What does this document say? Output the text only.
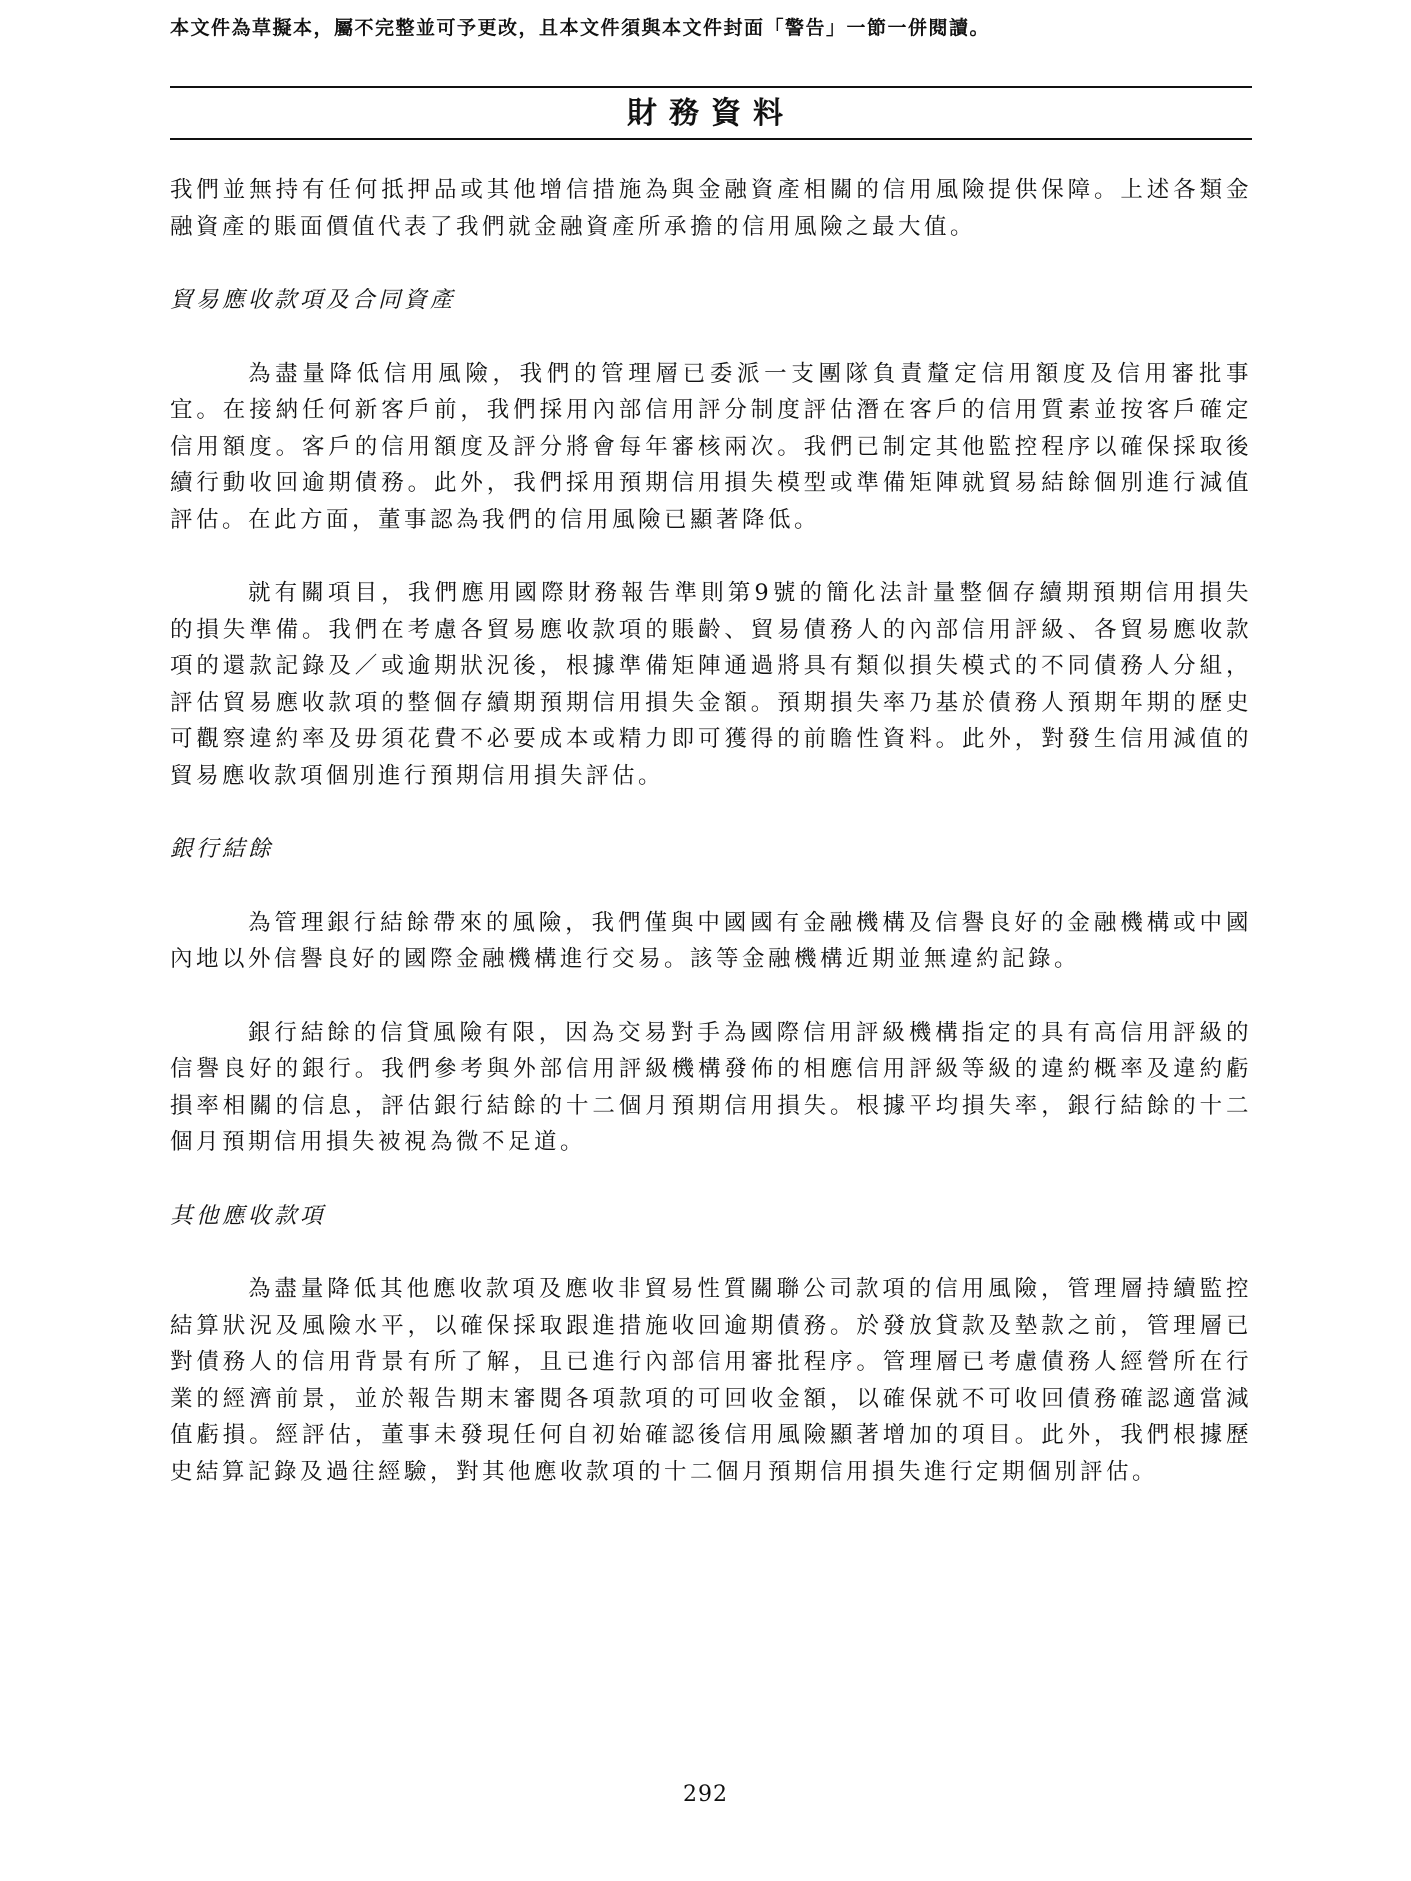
本文件為草擬本，屬不完整並可予更改，且本文件須與本文件封面「警告」一節一併閱讀。
財務資料

我們並無持有任何抵押品或其他增信措施為與金融資產相關的信用風險提供保障。上述各類金融資產的賬面價值代表了我們就金融資產所承擔的信用風險之最大值。

貿易應收款項及合同資產

為盡量降低信用風險，我們的管理層已委派一支團隊負責釐定信用額度及信用審批事宜。在接納任何新客戶前，我們採用內部信用評分制度評估潛在客戶的信用質素並按客戶確定信用額度。客戶的信用額度及評分將會每年審核兩次。我們已制定其他監控程序以確保採取後續行動收回逾期債務。此外，我們採用預期信用損失模型或準備矩陣就貿易結餘個別進行減值評估。在此方面，董事認為我們的信用風險已顯著降低。

就有關項目，我們應用國際財務報告準則第9號的簡化法計量整個存續期預期信用損失的損失準備。我們在考慮各貿易應收款項的賬齡、貿易債務人的內部信用評級、各貿易應收款項的還款記錄及／或逾期狀況後，根據準備矩陣通過將具有類似損失模式的不同債務人分組，評估貿易應收款項的整個存續期預期信用損失金額。預期損失率乃基於債務人預期年期的歷史可觀察違約率及毋須花費不必要成本或精力即可獲得的前瞻性資料。此外，對發生信用減值的貿易應收款項個別進行預期信用損失評估。

銀行結餘

為管理銀行結餘帶來的風險，我們僅與中國國有金融機構及信譽良好的金融機構或中國內地以外信譽良好的國際金融機構進行交易。該等金融機構近期並無違約記錄。

銀行結餘的信貸風險有限，因為交易對手為國際信用評級機構指定的具有高信用評級的信譽良好的銀行。我們參考與外部信用評級機構發佈的相應信用評級等級的違約概率及違約虧損率相關的信息，評估銀行結餘的十二個月預期信用損失。根據平均損失率，銀行結餘的十二個月預期信用損失被視為微不足道。

其他應收款項

為盡量降低其他應收款項及應收非貿易性質關聯公司款項的信用風險，管理層持續監控結算狀況及風險水平，以確保採取跟進措施收回逾期債務。於發放貸款及墊款之前，管理層已對債務人的信用背景有所了解，且已進行內部信用審批程序。管理層已考慮債務人經營所在行業的經濟前景，並於報告期末審閱各項款項的可回收金額，以確保就不可收回債務確認適當減值虧損。經評估，董事未發現任何自初始確認後信用風險顯著增加的項目。此外，我們根據歷史結算記錄及過往經驗，對其他應收款項的十二個月預期信用損失進行定期個別評估。

292
